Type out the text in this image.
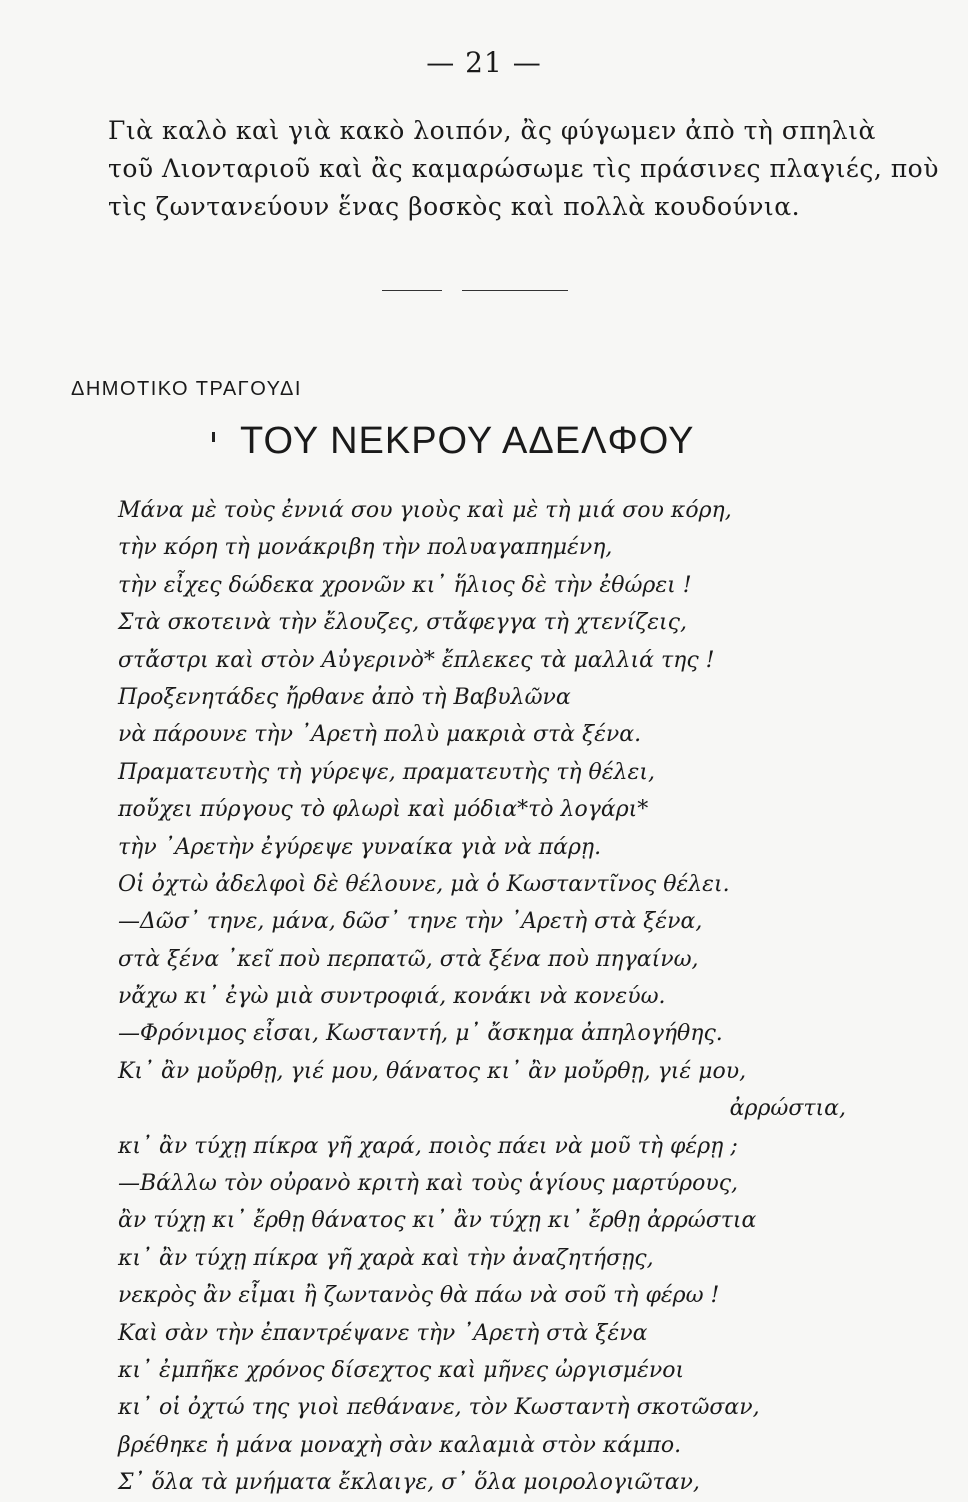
— 21 —
Γιὰ καλὸ καὶ γιὰ κακὸ λοιπόν, ἂς φύγωμεν ἀπὸ τὴ σπηλιὰ
τοῦ Λιονταριοῦ καὶ ἂς καμαρώσωμε τὶς πράσινες πλαγιές, ποὺ
τὶς ζωντανεύουν ἕνας βοσκὸς καὶ πολλὰ κουδούνια.
ΔΗΜΟΤΙΚΟ ΤΡΑΓΟΥΔΙ
ΤΟΥ ΝΕΚΡΟΥ ΑΔΕΛΦΟΥ
Μάνα μὲ τοὺς ἐννιά σου γιοὺς καὶ μὲ τὴ μιά σου κόρη,
τὴν κόρη τὴ μονάκριβη τὴν πολυαγαπημένη,
τὴν εἶχες δώδεκα χρονῶν κι᾿ ἥλιος δὲ τὴν ἐθώρει !
Στὰ σκοτεινὰ τὴν ἔλουζες, στἄφεγγα τὴ χτενίζεις,
στἄστρι καὶ στὸν Αὐγερινὸ* ἔπλεκες τὰ μαλλιά της !
Προξενητάδες ἤρθανε ἀπὸ τὴ Βαβυλῶνα
νὰ πάρουνε τὴν ᾿Αρετὴ πολὺ μακριὰ στὰ ξένα.
Πραματευτὴς τὴ γύρεψε, πραματευτὴς τὴ θέλει,
ποὔχει πύργους τὸ φλωρὶ καὶ μόδια*τὸ λογάρι*
τὴν ᾿Αρετὴν ἐγύρεψε γυναίκα γιὰ νὰ πάρῃ.
Οἱ ὀχτὼ ἀδελφοὶ δὲ θέλουνε, μὰ ὁ Κωσταντῖνος θέλει.
—Δῶσ᾿ τηνε, μάνα, δῶσ᾿ τηνε τὴν ᾿Αρετὴ στὰ ξένα,
στὰ ξένα ᾿κεῖ ποὺ περπατῶ, στὰ ξένα ποὺ πηγαίνω,
νἄχω κι᾿ ἐγὼ μιὰ συντροφιά, κονάκι νὰ κονεύω.
—Φρόνιμος εἶσαι, Κωσταντή, μ᾿ ἄσκημα ἀπηλογήθης.
Κι᾿ ἂν μοὔρθῃ, γιέ μου, θάνατος κι᾿ ἂν μοὔρθῃ, γιέ μου,
ἀρρώστια,
κι᾿ ἂν τύχῃ πίκρα γῆ χαρά, ποιὸς πάει νὰ μοῦ τὴ φέρῃ ;
—Βάλλω τὸν οὐρανὸ κριτὴ καὶ τοὺς ἁγίους μαρτύρους,
ἂν τύχῃ κι᾿ ἔρθῃ θάνατος κι᾿ ἂν τύχῃ κι᾿ ἔρθῃ ἀρρώστια
κι᾿ ἂν τύχῃ πίκρα γῆ χαρὰ καὶ τὴν ἀναζητήσῃς,
νεκρὸς ἂν εἶμαι ἢ ζωντανὸς θὰ πάω νὰ σοῦ τὴ φέρω !
Καὶ σὰν τὴν ἐπαντρέψανε τὴν ᾿Αρετὴ στὰ ξένα
κι᾿ ἐμπῆκε χρόνος δίσεχτος καὶ μῆνες ὠργισμένοι
κι᾿ οἱ ὀχτώ της γιοὶ πεθάνανε, τὸν Κωσταντὴ σκοτῶσαν,
βρέθηκε ἡ μάνα μοναχὴ σὰν καλαμιὰ στὸν κάμπο.
Σ᾿ ὅλα τὰ μνήματα ἔκλαιγε, σ᾿ ὅλα μοιρολογιῶταν,
